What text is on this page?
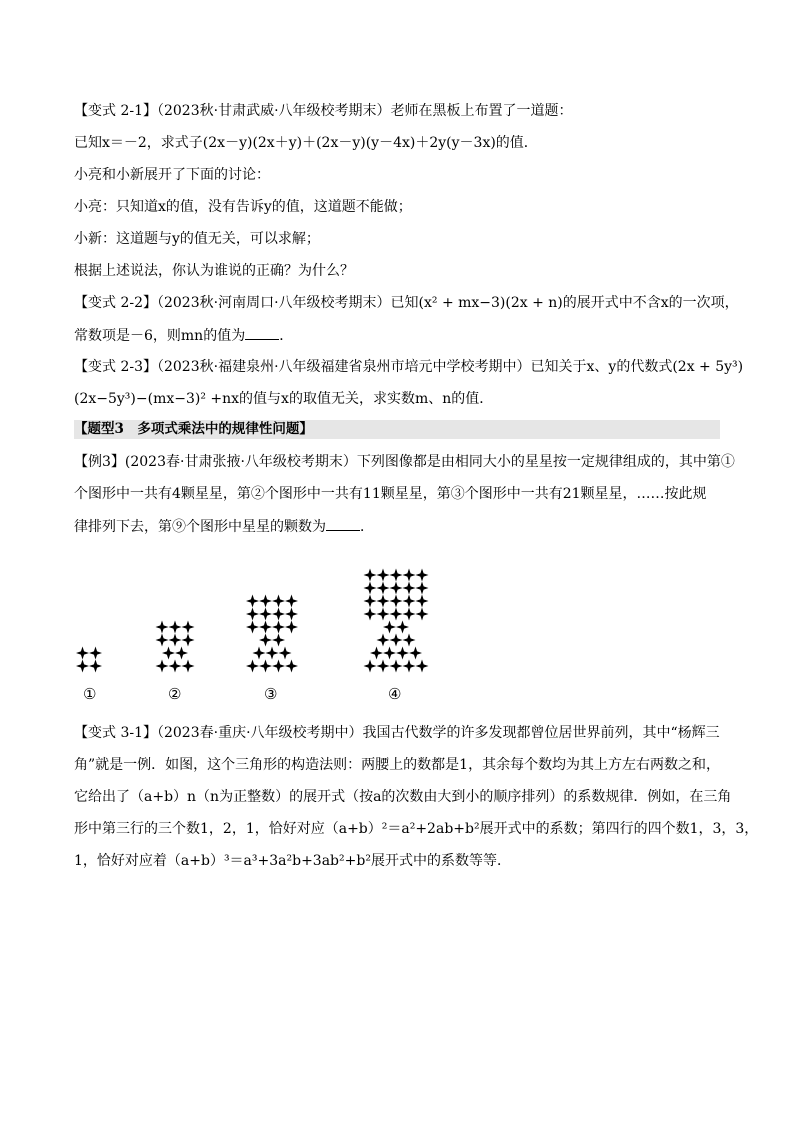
【变式 2-1】（2023秋·甘肃武威·八年级校考期末）老师在黑板上布置了一道题：
已知x＝－2，求式子(2x－y)(2x＋y)＋(2x－y)(y－4x)＋2y(y－3x)的值．
小亮和小新展开了下面的讨论：
小亮：只知道x的值，没有告诉y的值，这道题不能做；
小新：这道题与y的值无关，可以求解；
根据上述说法，你认为谁说的正确？为什么？
【变式 2-2】（2023秋·河南周口·八年级校考期末）已知(x² + mx−3)(2x + n)的展开式中不含x的一次项，
常数项是－6，则mn的值为 ．
【变式 2-3】（2023秋·福建泉州·八年级福建省泉州市培元中学校考期中）已知关于x、y的代数式(2x + 5y³)
(2x−5y³)−(mx−3)² +nx的值与x的取值无关，求实数m、n的值．
【题型3　多项式乘法中的规律性问题】
【例3】(2023春·甘肃张掖·八年级校考期末）下列图像都是由相同大小的星星按一定规律组成的，其中第①
个图形中一共有4颗星星，第②个图形中一共有11颗星星，第③个图形中一共有21颗星星，……按此规
律排列下去，第⑨个图形中星星的颗数为 ．
①	②	③	④
【变式 3-1】（2023春·重庆·八年级校考期中）我国古代数学的许多发现都曾位居世界前列，其中“杨辉三
角”就是一例．如图，这个三角形的构造法则：两腰上的数都是1，其余每个数均为其上方左右两数之和，
它给出了（a+b）n（n为正整数）的展开式（按a的次数由大到小的顺序排列）的系数规律．例如，在三角
形中第三行的三个数1，2，1，恰好对应（a+b）²＝a²+2ab+b²展开式中的系数；第四行的四个数1，3，3，
1，恰好对应着（a+b）³＝a³+3a²b+3ab²+b²展开式中的系数等等．
